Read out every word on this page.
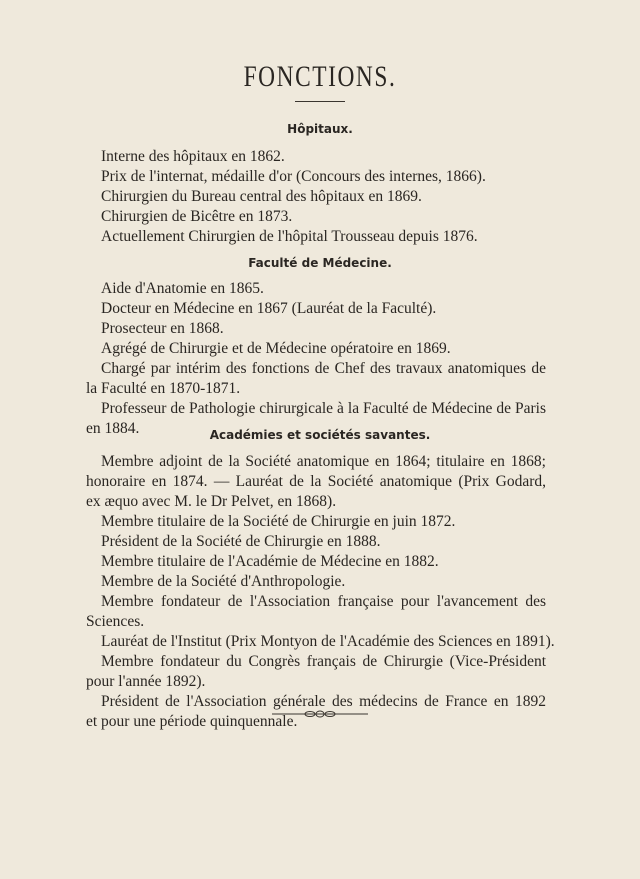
FONCTIONS.
Hôpitaux.
Interne des hôpitaux en 1862.
Prix de l'internat, médaille d'or (Concours des internes, 1866).
Chirurgien du Bureau central des hôpitaux en 1869.
Chirurgien de Bicêtre en 1873.
Actuellement Chirurgien de l'hôpital Trousseau depuis 1876.
Faculté de Médecine.
Aide d'Anatomie en 1865.
Docteur en Médecine en 1867 (Lauréat de la Faculté).
Prosecteur en 1868.
Agrégé de Chirurgie et de Médecine opératoire en 1869.
Chargé par intérim des fonctions de Chef des travaux anatomiques de
la Faculté en 1870-1871.
Professeur de Pathologie chirurgicale à la Faculté de Médecine de Paris
en 1884.	Académies et sociétés savantes.
Membre adjoint de la Société anatomique en 1864; titulaire en 1868;
honoraire en 1874. — Lauréat de la Société anatomique (Prix Godard,
ex æquo avec M. le Dr Pelvet, en 1868).
Membre titulaire de la Société de Chirurgie en juin 1872.
Président de la Société de Chirurgie en 1888.
Membre titulaire de l'Académie de Médecine en 1882.
Membre de la Société d'Anthropologie.
Membre fondateur de l'Association française pour l'avancement des
Sciences.
Lauréat de l'Institut (Prix Montyon de l'Académie des Sciences en 1891).
Membre fondateur du Congrès français de Chirurgie (Vice-Président
pour l'année 1892).
Président de l'Association générale des médecins de France en 1892
et pour une période quinquennale.
